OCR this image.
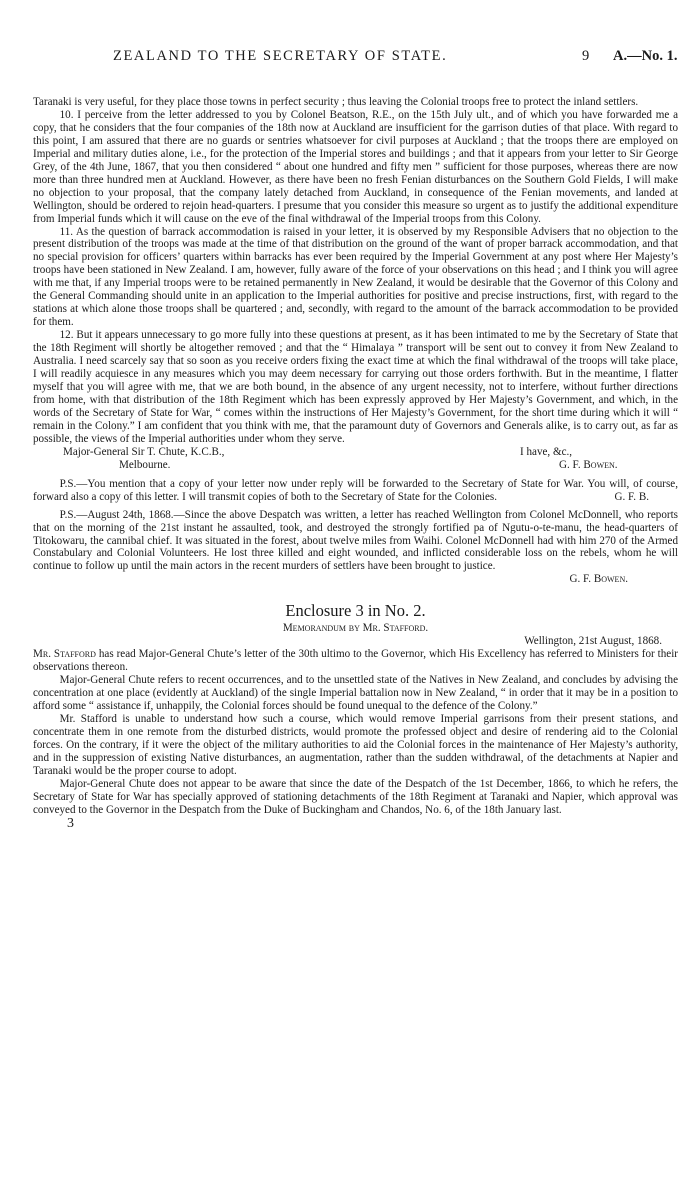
ZEALAND TO THE SECRETARY OF STATE.	9 A.—No. 1.

Taranaki is very useful, for they place those towns in perfect security ; thus leaving the Colonial troops free to protect the inland settlers.

10. I perceive from the letter addressed to you by Colonel Beatson, R.E., on the 15th July ult., and of which you have forwarded me a copy, that he considers that the four companies of the 18th now at Auckland are insufficient for the garrison duties of that place. With regard to this point, I am assured that there are no guards or sentries whatsoever for civil purposes at Auckland ; that the troops there are employed on Imperial and military duties alone, i.e., for the protection of the Imperial stores and buildings ; and that it appears from your letter to Sir George Grey, of the 4th June, 1867, that you then considered “ about one hundred and fifty men ” sufficient for those purposes, whereas there are now more than three hundred men at Auckland. However, as there have been no fresh Fenian disturbances on the Southern Gold Fields, I will make no objection to your proposal, that the company lately detached from Auckland, in consequence of the Fenian movements, and landed at Wellington, should be ordered to rejoin head-quarters. I presume that you consider this measure so urgent as to justify the additional expenditure from Imperial funds which it will cause on the eve of the final withdrawal of the Imperial troops from this Colony.

11. As the question of barrack accommodation is raised in your letter, it is observed by my Responsible Advisers that no objection to the present distribution of the troops was made at the time of that distribution on the ground of the want of proper barrack accommodation, and that no special provision for officers’ quarters within barracks has ever been required by the Imperial Government at any post where Her Majesty’s troops have been stationed in New Zealand. I am, however, fully aware of the force of your observations on this head ; and I think you will agree with me that, if any Imperial troops were to be retained permanently in New Zealand, it would be desirable that the Governor of this Colony and the General Commanding should unite in an application to the Imperial authorities for positive and precise instructions, first, with regard to the stations at which alone those troops shall be quartered ; and, secondly, with regard to the amount of the barrack accommodation to be provided for them.

12. But it appears unnecessary to go more fully into these questions at present, as it has been intimated to me by the Secretary of State that the 18th Regiment will shortly be altogether removed ; and that the “ Himalaya ” transport will be sent out to convey it from New Zealand to Australia. I need scarcely say that so soon as you receive orders fixing the exact time at which the final withdrawal of the troops will take place, I will readily acquiesce in any measures which you may deem necessary for carrying out those orders forthwith. But in the meantime, I flatter myself that you will agree with me, that we are both bound, in the absence of any urgent necessity, not to interfere, without further directions from home, with that distribution of the 18th Regiment which has been expressly approved by Her Majesty’s Government, and which, in the words of the Secretary of State for War, “ comes within the instructions of Her Majesty’s Government, for the short time during which it will “ remain in the Colony.” I am confident that you think with me, that the paramount duty of Governors and Generals alike, is to carry out, as far as possible, the views of the Imperial authorities under whom they serve.

Major-General Sir T. Chute, K.C.B.,	I have, &c.,
Melbourne.	G. F. Bowen.

P.S.—You mention that a copy of your letter now under reply will be forwarded to the Secretary of State for War. You will, of course, forward also a copy of this letter. I will transmit copies of both to the Secretary of State for the Colonies.	G. F. B.

P.S.—August 24th, 1868.—Since the above Despatch was written, a letter has reached Wellington from Colonel McDonnell, who reports that on the morning of the 21st instant he assaulted, took, and destroyed the strongly fortified pa of Ngutu-o-te-manu, the head-quarters of Titokowaru, the cannibal chief. It was situated in the forest, about twelve miles from Waihi. Colonel McDonnell had with him 270 of the Armed Constabulary and Colonial Volunteers. He lost three killed and eight wounded, and inflicted considerable loss on the rebels, whom he will continue to follow up until the main actors in the recent murders of settlers have been brought to justice.

G. F. Bowen.

Enclosure 3 in No. 2.
Memorandum by Mr. Stafford.
Wellington, 21st August, 1868.

Mr. Stafford has read Major-General Chute’s letter of the 30th ultimo to the Governor, which His Excellency has referred to Ministers for their observations thereon.

Major-General Chute refers to recent occurrences, and to the unsettled state of the Natives in New Zealand, and concludes by advising the concentration at one place (evidently at Auckland) of the single Imperial battalion now in New Zealand, “ in order that it may be in a position to afford some “ assistance if, unhappily, the Colonial forces should be found unequal to the defence of the Colony.”

Mr. Stafford is unable to understand how such a course, which would remove Imperial garrisons from their present stations, and concentrate them in one remote from the disturbed districts, would promote the professed object and desire of rendering aid to the Colonial forces. On the contrary, if it were the object of the military authorities to aid the Colonial forces in the maintenance of Her Majesty’s authority, and in the suppression of existing Native disturbances, an augmentation, rather than the sudden withdrawal, of the detachments at Napier and Taranaki would be the proper course to adopt.

Major-General Chute does not appear to be aware that since the date of the Despatch of the 1st December, 1866, to which he refers, the Secretary of State for War has specially approved of stationing detachments of the 18th Regiment at Taranaki and Napier, which approval was conveyed to the Governor in the Despatch from the Duke of Buckingham and Chandos, No. 6, of the 18th January last.

3
